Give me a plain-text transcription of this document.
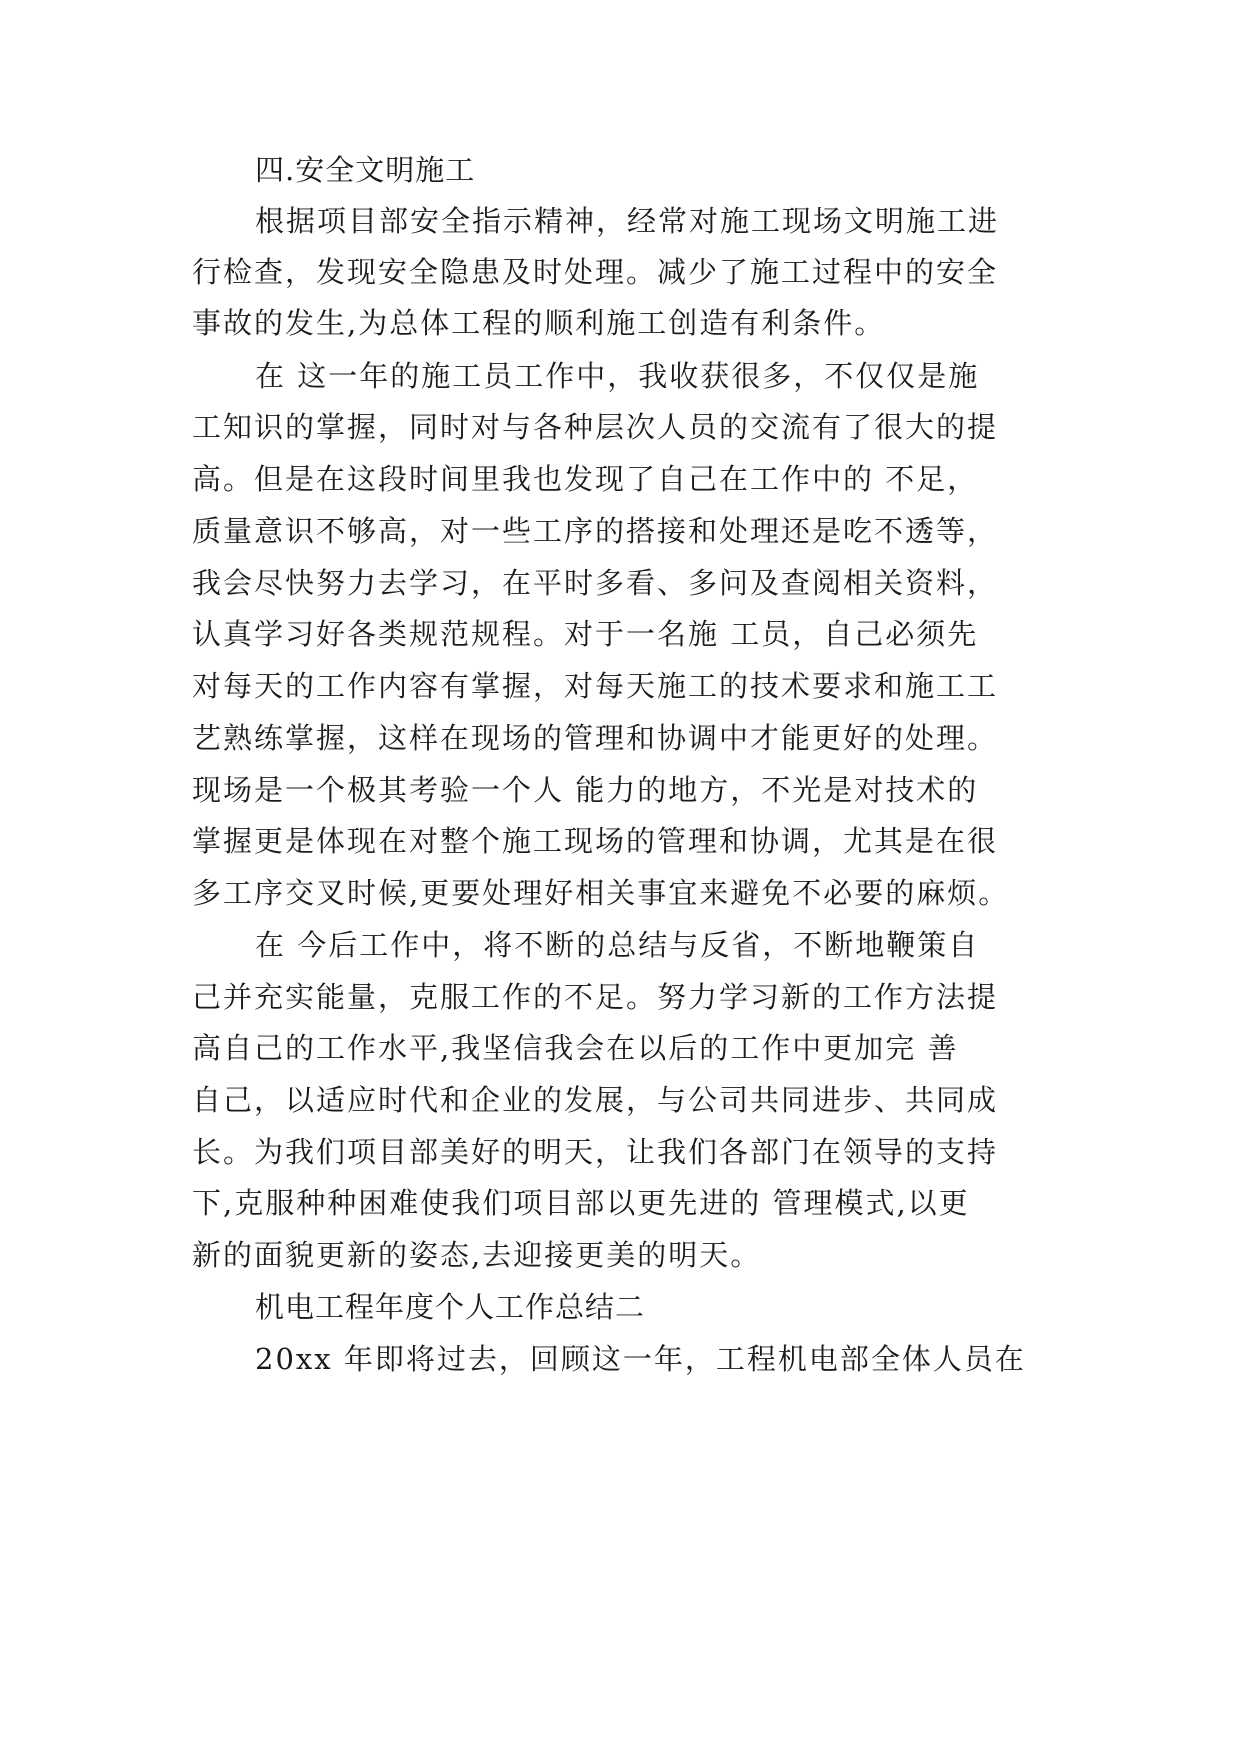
四.安全文明施工
根据项目部安全指示精神，经常对施工现场文明施工进
行检查，发现安全隐患及时处理。减少了施工过程中的安全
事故的发生,为总体工程的顺利施工创造有利条件。
在 这一年的施工员工作中，我收获很多，不仅仅是施
工知识的掌握，同时对与各种层次人员的交流有了很大的提
高。但是在这段时间里我也发现了自己在工作中的 不足，
质量意识不够高，对一些工序的搭接和处理还是吃不透等，
我会尽快努力去学习，在平时多看、多问及查阅相关资料，
认真学习好各类规范规程。对于一名施 工员，自己必须先
对每天的工作内容有掌握，对每天施工的技术要求和施工工
艺熟练掌握，这样在现场的管理和协调中才能更好的处理。
现场是一个极其考验一个人 能力的地方，不光是对技术的
掌握更是体现在对整个施工现场的管理和协调，尤其是在很
多工序交叉时候,更要处理好相关事宜来避免不必要的麻烦。
在 今后工作中，将不断的总结与反省，不断地鞭策自
己并充实能量，克服工作的不足。努力学习新的工作方法提
高自己的工作水平,我坚信我会在以后的工作中更加完 善
自己，以适应时代和企业的发展，与公司共同进步、共同成
长。为我们项目部美好的明天，让我们各部门在领导的支持
下,克服种种困难使我们项目部以更先进的 管理模式,以更
新的面貌更新的姿态,去迎接更美的明天。
机电工程年度个人工作总结二
20xx 年即将过去，回顾这一年，工程机电部全体人员在
